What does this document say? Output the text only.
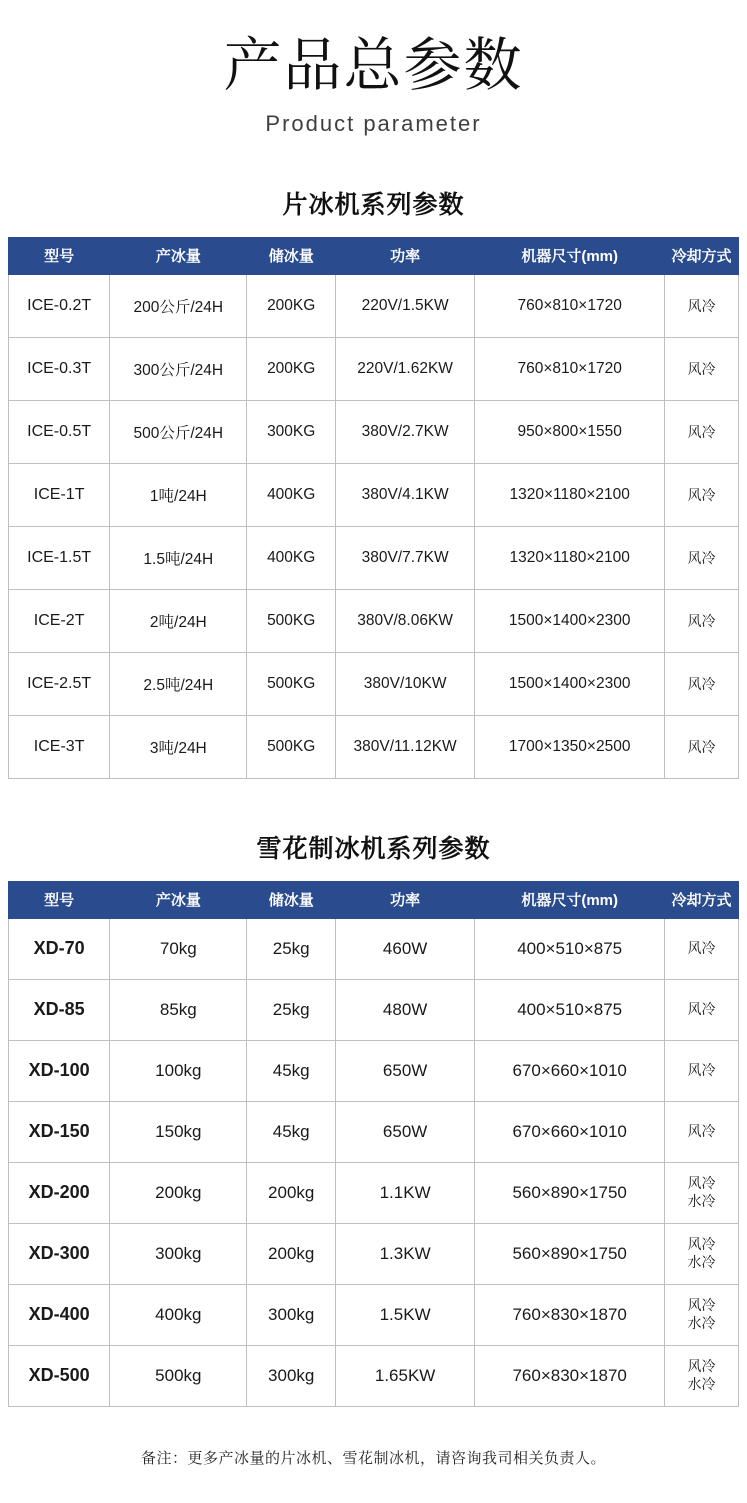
产品总参数
Product parameter
片冰机系列参数
型号	产冰量	储冰量	功率	机器尺寸(mm)	冷却方式
ICE-0.2T	200公斤/24H	200KG	220V/1.5KW	760×810×1720	风冷
ICE-0.3T	300公斤/24H	200KG	220V/1.62KW	760×810×1720	风冷
ICE-0.5T	500公斤/24H	300KG	380V/2.7KW	950×800×1550	风冷
ICE-1T	1吨/24H	400KG	380V/4.1KW	1320×1180×2100	风冷
ICE-1.5T	1.5吨/24H	400KG	380V/7.7KW	1320×1180×2100	风冷
ICE-2T	2吨/24H	500KG	380V/8.06KW	1500×1400×2300	风冷
ICE-2.5T	2.5吨/24H	500KG	380V/10KW	1500×1400×2300	风冷
ICE-3T	3吨/24H	500KG	380V/11.12KW	1700×1350×2500	风冷
雪花制冰机系列参数
型号	产冰量	储冰量	功率	机器尺寸(mm)	冷却方式
XD-70	70kg	25kg	460W	400×510×875	风冷
XD-85	85kg	25kg	480W	400×510×875	风冷
XD-100	100kg	45kg	650W	670×660×1010	风冷
XD-150	150kg	45kg	650W	670×660×1010	风冷
XD-200	200kg	200kg	1.1KW	560×890×1750	风冷
水冷
XD-300	300kg	200kg	1.3KW	560×890×1750	风冷
水冷
XD-400	400kg	300kg	1.5KW	760×830×1870	风冷
水冷
XD-500	500kg	300kg	1.65KW	760×830×1870	风冷
水冷
备注：更多产冰量的片冰机、雪花制冰机，请咨询我司相关负责人。
